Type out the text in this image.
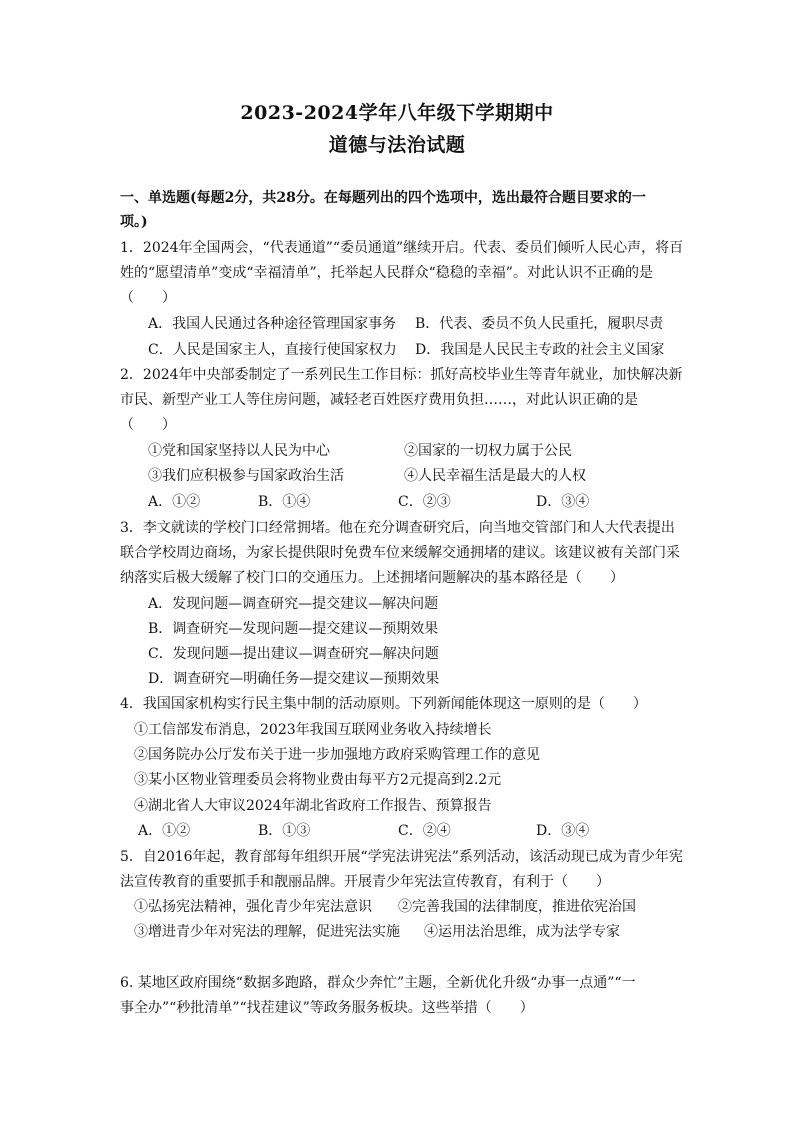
2023-2024学年八年级下学期期中
道德与法治试题
一、单选题(每题2分，共28分。在每题列出的四个选项中，选出最符合题目要求的一
项。)
1．2024年全国两会，“代表通道”“委员通道”继续开启。代表、委员们倾听人民心声，将百
姓的“愿望清单”变成“幸福清单”，托举起人民群众“稳稳的幸福”。对此认识不正确的是
（　　）
A．我国人民通过各种途径管理国家事务 B．代表、委员不负人民重托，履职尽责
C．人民是国家主人，直接行使国家权力 D．我国是人民民主专政的社会主义国家
2．2024年中央部委制定了一系列民生工作目标：抓好高校毕业生等青年就业，加快解决新
市民、新型产业工人等住房问题，减轻老百姓医疗费用负担……，对此认识正确的是
（　　）
①党和国家坚持以人民为中心	②国家的一切权力属于公民
③我们应积极参与国家政治生活	④人民幸福生活是最大的人权
A．①②	B．①④	C．②③	D．③④
3．李文就读的学校门口经常拥堵。他在充分调查研究后，向当地交管部门和人大代表提出
联合学校周边商场，为家长提供限时免费车位来缓解交通拥堵的建议。该建议被有关部门采
纳落实后极大缓解了校门口的交通压力。上述拥堵问题解决的基本路径是（　　）
A．发现问题—调查研究—提交建议—解决问题
B．调查研究—发现问题—提交建议—预期效果
C．发现问题—提出建议—调查研究—解决问题
D．调查研究—明确任务—提交建议—预期效果
4．我国国家机构实行民主集中制的活动原则。下列新闻能体现这一原则的是（　　）
①工信部发布消息，2023年我国互联网业务收入持续增长
②国务院办公厅发布关于进一步加强地方政府采购管理工作的意见
③某小区物业管理委员会将物业费由每平方2元提高到2.2元
④湖北省人大审议2024年湖北省政府工作报告、预算报告
A．①②	B．①③	C．②④	D．③④
5．自2016年起，教育部每年组织开展“学宪法讲宪法”系列活动，该活动现已成为青少年宪
法宣传教育的重要抓手和靓丽品牌。开展青少年宪法宣传教育，有利于（　　）
①弘扬宪法精神，强化青少年宪法意识 ②完善我国的法律制度，推进依宪治国
③增进青少年对宪法的理解，促进宪法实施 ④运用法治思维，成为法学专家
6. 某地区政府围绕“数据多跑路，群众少奔忙”主题，全新优化升级“办事一点通”“一
事全办”“秒批清单”“找茬建议”等政务服务板块。这些举措（　　）
